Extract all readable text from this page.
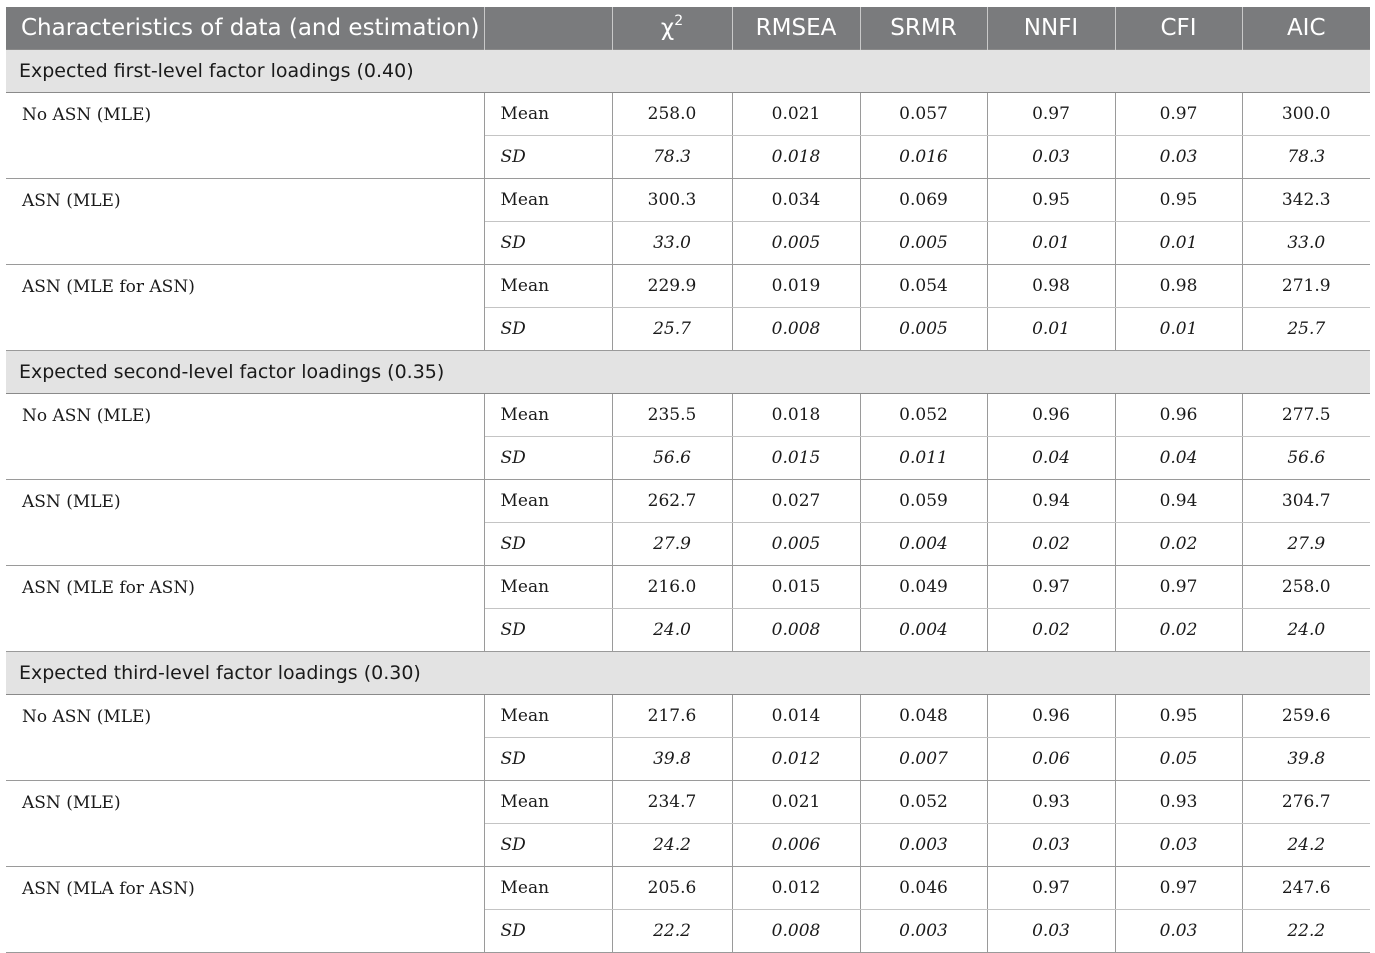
Characteristics of data (and estimation)		$\chi^2$	RMSEA	SRMR	NNFI	CFI	AIC
Expected first-level factor loadings (0.40)							
No ASN (MLE)	Mean	258.0	0.021	0.057	0.97	0.97	300.0
	SD	78.3	0.018	0.016	0.03	0.03	78.3
ASN (MLE)	Mean	300.3	0.034	0.069	0.95	0.95	342.3
	SD	33.0	0.005	0.005	0.01	0.01	33.0
ASN (MLE for ASN)	Mean	229.9	0.019	0.054	0.98	0.98	271.9
	SD	25.7	0.008	0.005	0.01	0.01	25.7
Expected second-level factor loadings (0.35)							
No ASN (MLE)	Mean	235.5	0.018	0.052	0.96	0.96	277.5
	SD	56.6	0.015	0.011	0.04	0.04	56.6
ASN (MLE)	Mean	262.7	0.027	0.059	0.94	0.94	304.7
	SD	27.9	0.005	0.004	0.02	0.02	27.9
ASN (MLE for ASN)	Mean	216.0	0.015	0.049	0.97	0.97	258.0
	SD	24.0	0.008	0.004	0.02	0.02	24.0
Expected third-level factor loadings (0.30)							
No ASN (MLE)	Mean	217.6	0.014	0.048	0.96	0.95	259.6
	SD	39.8	0.012	0.007	0.06	0.05	39.8
ASN (MLE)	Mean	234.7	0.021	0.052	0.93	0.93	276.7
	SD	24.2	0.006	0.003	0.03	0.03	24.2
ASN (MLA for ASN)	Mean	205.6	0.012	0.046	0.97	0.97	247.6
	SD	22.2	0.008	0.003	0.03	0.03	22.2
